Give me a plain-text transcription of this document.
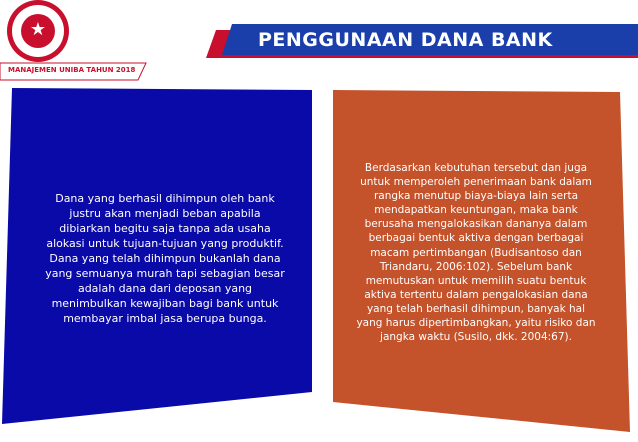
★	PENGGUNAAN DANA BANK
MANAJEMEN UNIBA TAHUN 2018
Dana yang berhasil dihimpun oleh bank
justru akan menjadi beban apabila
dibiarkan begitu saja tanpa ada usaha
alokasi untuk tujuan-tujuan yang produktif.
Dana yang telah dihimpun bukanlah dana
yang semuanya murah tapi sebagian besar
adalah dana dari deposan yang
menimbulkan kewajiban bagi bank untuk
membayar imbal jasa berupa bunga.
Berdasarkan kebutuhan tersebut dan juga
untuk memperoleh penerimaan bank dalam
rangka menutup biaya-biaya lain serta
mendapatkan keuntungan, maka bank
berusaha mengalokasikan dananya dalam
berbagai bentuk aktiva dengan berbagai
macam pertimbangan (Budisantoso dan
Triandaru, 2006:102). Sebelum bank
memutuskan untuk memilih suatu bentuk
aktiva tertentu dalam pengalokasian dana
yang telah berhasil dihimpun, banyak hal
yang harus dipertimbangkan, yaitu risiko dan
jangka waktu (Susilo, dkk. 2004:67).
